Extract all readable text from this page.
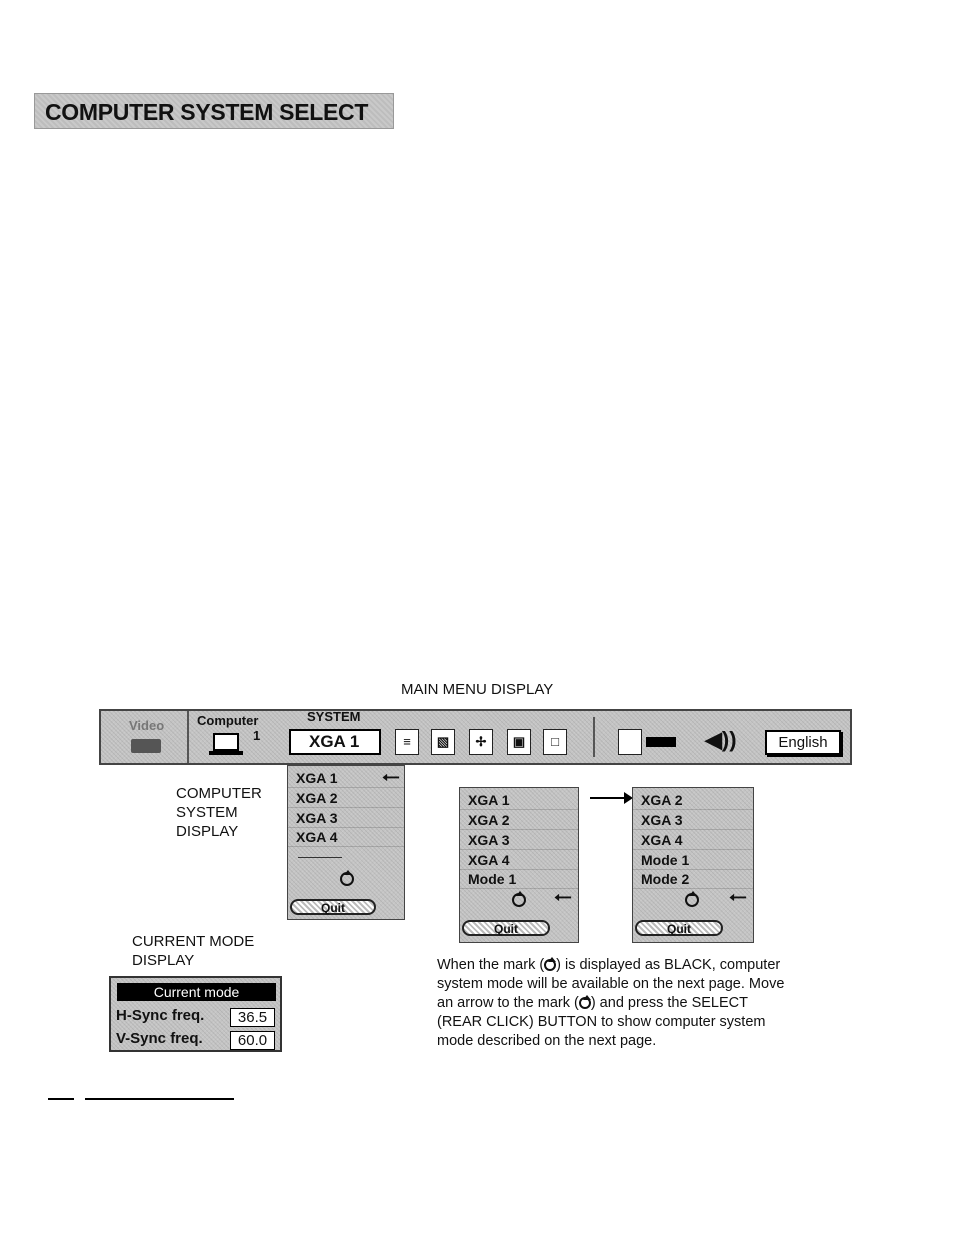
COMPUTER SYSTEM SELECT
MAIN MENU DISPLAY
Video	Computer
1
SYSTEM
XGA 1	≡	▧	✢	▣	□	◀))	English
COMPUTER
SYSTEM
DISPLAY
XGA 1
XGA 2
XGA 3
XGA 4
🠀
Quit
XGA 1
XGA 2
XGA 3
XGA 4
Mode 1
🠀
Quit
XGA 2
XGA 3
XGA 4
Mode 1
Mode 2
🠀
Quit
CURRENT MODE
DISPLAY
Current mode
H-Sync freq.	36.5
V-Sync freq.	60.0
When the mark ( ) is displayed as BLACK, computer
system mode will be available on the next page. Move
an arrow to the mark ( ) and press the SELECT
(REAR CLICK) BUTTON to show computer system
mode described on the next page.
